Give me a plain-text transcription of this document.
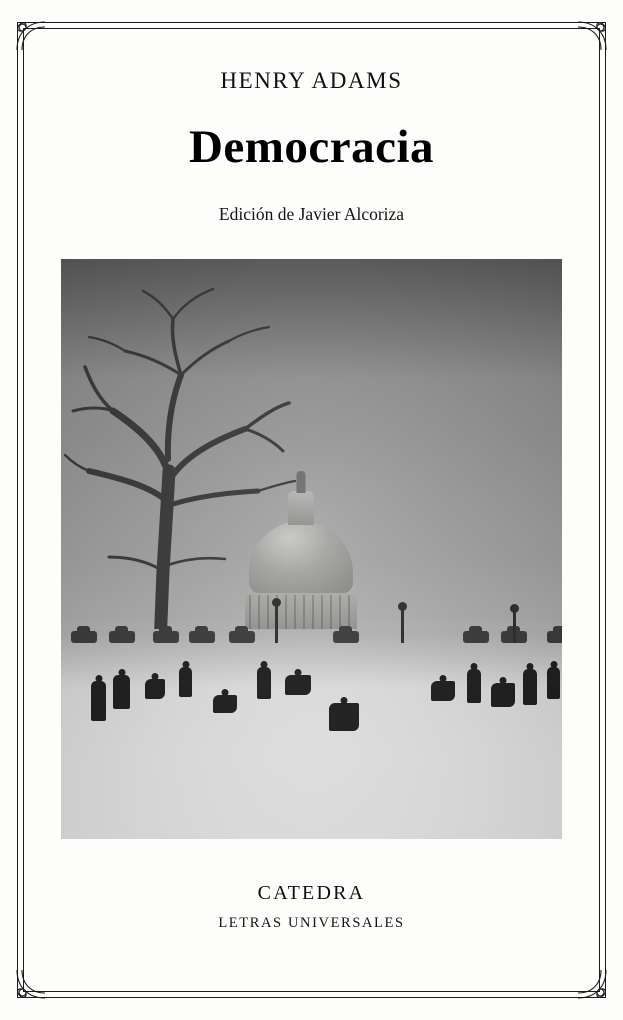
HENRY ADAMS
Democracia
Edición de Javier Alcoriza
CATEDRA
LETRAS UNIVERSALES
